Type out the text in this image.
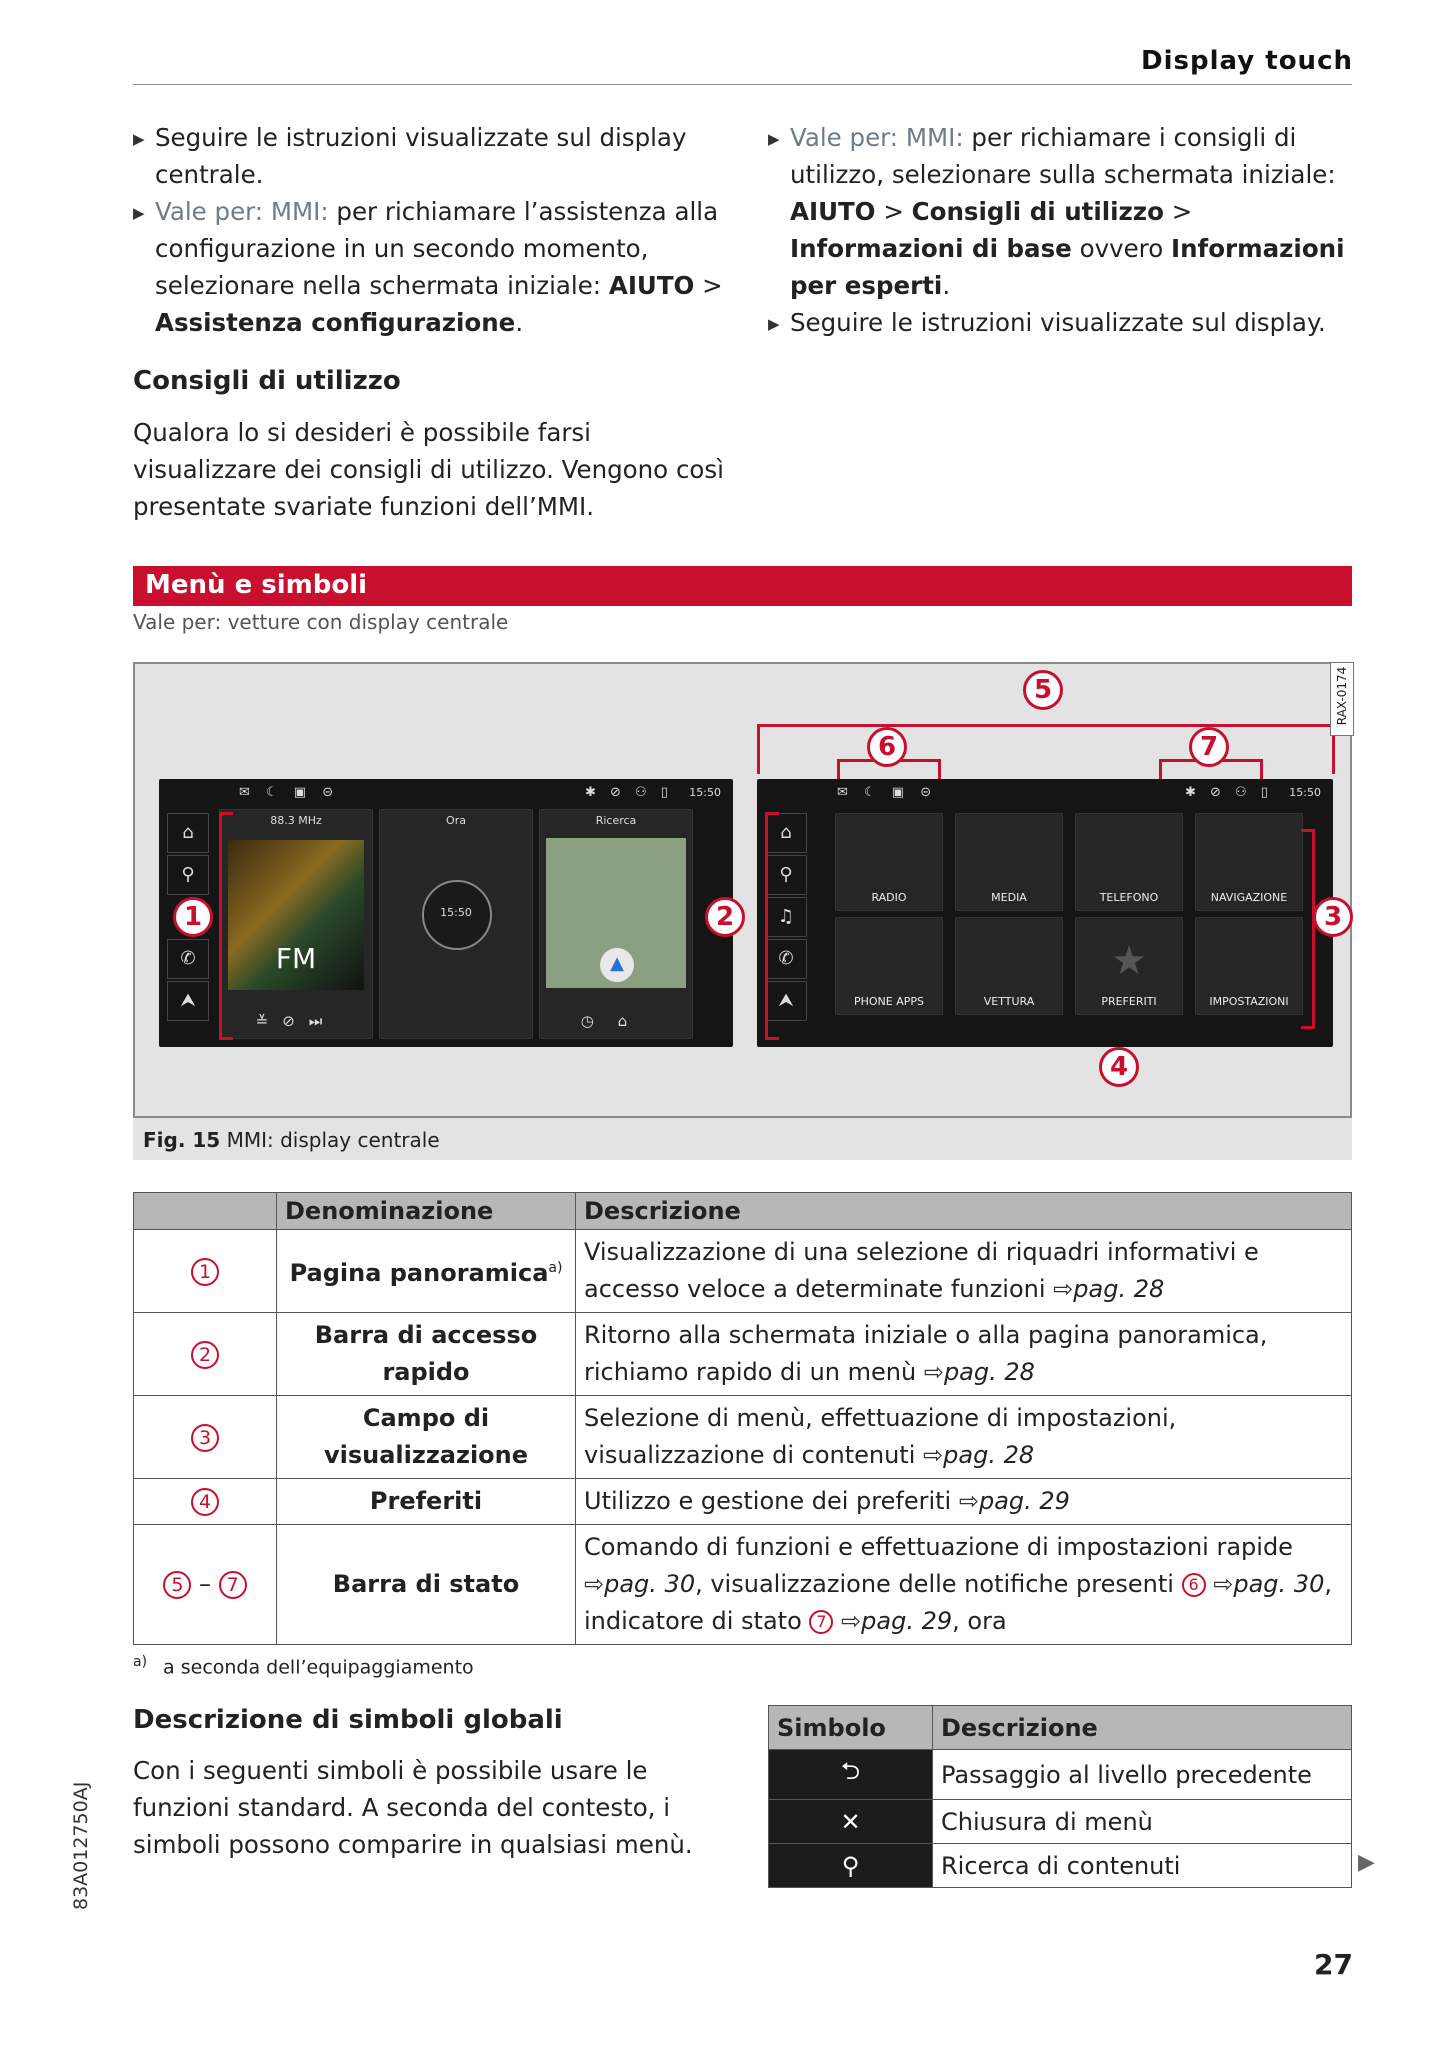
Display touch
▶ Seguire le istruzioni visualizzate sul display centrale.
▶ Vale per: MMI: per richiamare l’assistenza alla configurazione in un secondo momento, selezionare nella schermata iniziale: AIUTO > Assistenza configurazione.
Consigli di utilizzo
Qualora lo si desideri è possibile farsi visualizzare dei consigli di utilizzo. Vengono così presentate svariate funzioni dell’MMI.
▶ Vale per: MMI: per richiamare i consigli di utilizzo, selezionare sulla schermata iniziale: AIUTO > Consigli di utilizzo > Informazioni di base ovvero Informazioni per esperti.
▶ Seguire le istruzioni visualizzate sul display.
Menù e simboli
Vale per: vetture con display centrale
✉ ☾ ▣ ⊝	✱ ⊘ ⚇ ▯ 15:50
⌂
⚲
✆
⮝
88.3 MHz
FM
≚⊘⏭
Ora
15:50
Ricerca
▲
◷⌂
✉ ☾ ▣ ⊝	✱ ⊘ ⚇ ▯ 15:50
⌂
⚲
♫
✆
⮝
RADIO	MEDIA	TELEFONO	NAVIGAZIONE
PHONE APPS	VETTURA
★
PREFERITI	IMPOSTAZIONI
1	2	3
4
5
6	7
RAX-0174
Fig. 15 MMI: display centrale
	Denominazione	Descrizione
1	Pagina panoramica$^{a)}$	Visualizzazione di una selezione di riquadri informativi e accesso veloce a determinate funzioni ⇨pag. 28
2	Barra di accesso rapido	Ritorno alla schermata iniziale o alla pagina panoramica, richiamo rapido di un menù ⇨pag. 28
3	Campo di visualizzazione	Selezione di menù, effettuazione di impostazioni, visualizzazione di contenuti ⇨pag. 28
4	Preferiti	Utilizzo e gestione dei preferiti ⇨pag. 29
5 – 7	Barra di stato	Comando di funzioni e effettuazione di impostazioni rapide ⇨pag. 30, visualizzazione delle notifiche presenti 6 ⇨pag. 30, indicatore di stato 7 ⇨pag. 29, ora
$^{a)}$ a seconda dell’equipaggiamento
Descrizione di simboli globali
Con i seguenti simboli è possibile usare le funzioni standard. A seconda del contesto, i simboli possono comparire in qualsiasi menù.
Simbolo	Descrizione
⮌	Passaggio al livello precedente
✕	Chiusura di menù
⚲	Ricerca di contenuti	▶
83A012750AJ
27
